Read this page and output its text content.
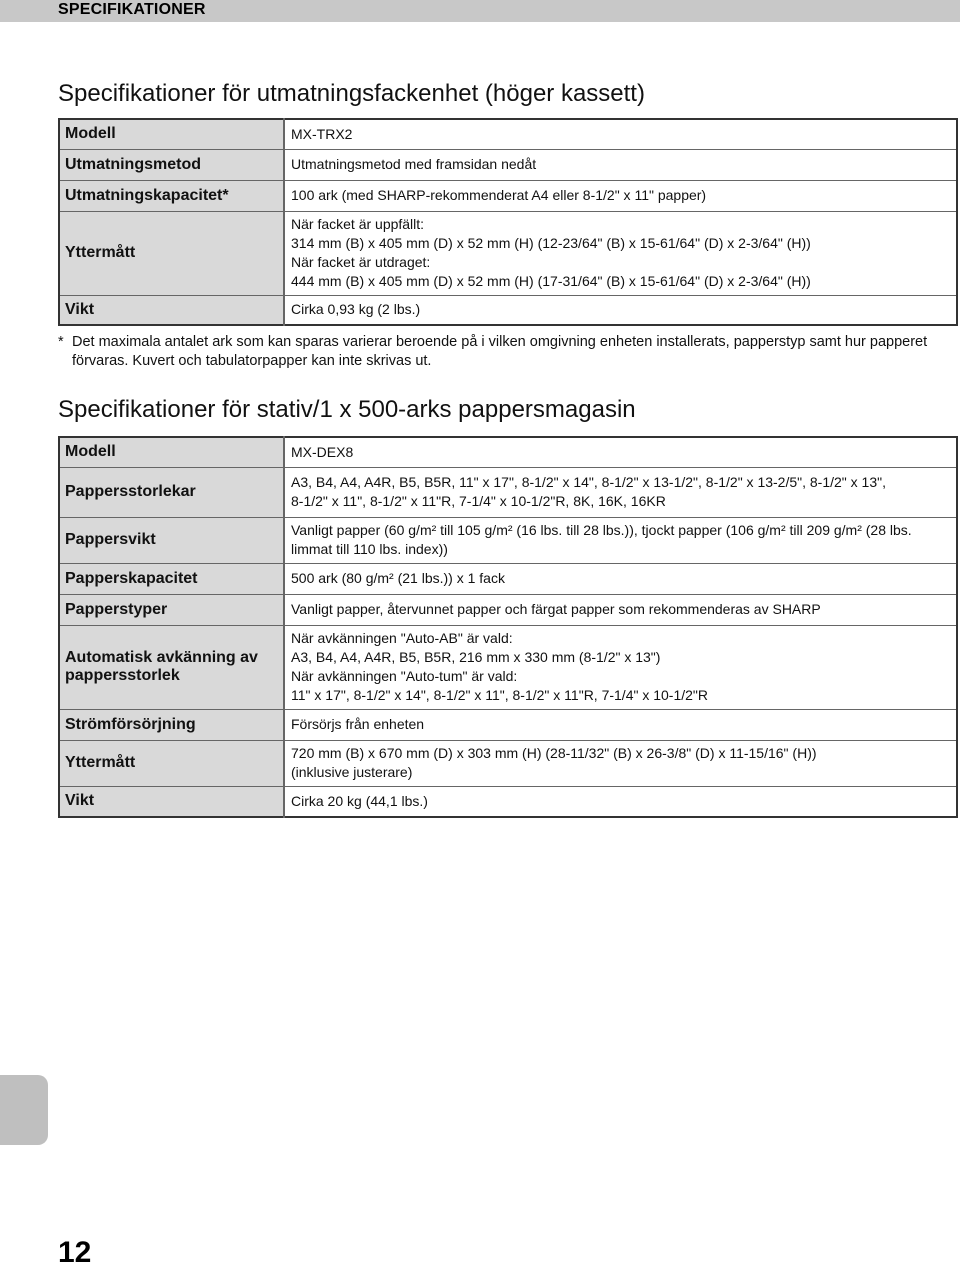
SPECIFIKATIONER
Specifikationer för utmatningsfackenhet (höger kassett)
Modell	MX-TRX2

Utmatningsmetod	Utmatningsmetod med framsidan nedåt

Utmatningskapacitet*	100 ark (med SHARP-rekommenderat A4 eller 8-1/2" x 11" papper)

Yttermått	När facket är uppfällt:
314 mm (B) x 405 mm (D) x 52 mm (H) (12-23/64" (B) x 15-61/64" (D) x 2-3/64" (H))
När facket är utdraget:
444 mm (B) x 405 mm (D) x 52 mm (H) (17-31/64" (B) x 15-61/64" (D) x 2-3/64" (H))

Vikt	Cirka 0,93 kg (2 lbs.)
* Det maximala antalet ark som kan sparas varierar beroende på i vilken omgivning enheten installerats, papperstyp samt hur papperet förvaras. Kuvert och tabulatorpapper kan inte skrivas ut.
Specifikationer för stativ/1 x 500-arks pappersmagasin
Modell	MX-DEX8

Pappersstorlekar	A3, B4, A4, A4R, B5, B5R, 11" x 17", 8-1/2" x 14", 8-1/2" x 13-1/2", 8-1/2" x 13-2/5", 8-1/2" x 13",
8-1/2" x 11", 8-1/2" x 11"R, 7-1/4" x 10-1/2"R, 8K, 16K, 16KR

Pappersvikt	Vanligt papper (60 g/m² till 105 g/m² (16 lbs. till 28 lbs.)), tjockt papper (106 g/m² till 209 g/m² (28 lbs.
limmat till 110 lbs. index))

Papperskapacitet	500 ark (80 g/m² (21 lbs.)) x 1 fack

Papperstyper	Vanligt papper, återvunnet papper och färgat papper som rekommenderas av SHARP

Automatisk avkänning av pappersstorlek	När avkänningen "Auto-AB" är vald:
A3, B4, A4, A4R, B5, B5R, 216 mm x 330 mm (8-1/2" x 13")
När avkänningen "Auto-tum" är vald:
11" x 17", 8-1/2" x 14", 8-1/2" x 11", 8-1/2" x 11"R, 7-1/4" x 10-1/2"R

Strömförsörjning	Försörjs från enheten

Yttermått	720 mm (B) x 670 mm (D) x 303 mm (H) (28-11/32" (B) x 26-3/8" (D) x 11-15/16" (H))
(inklusive justerare)

Vikt	Cirka 20 kg (44,1 lbs.)
12
